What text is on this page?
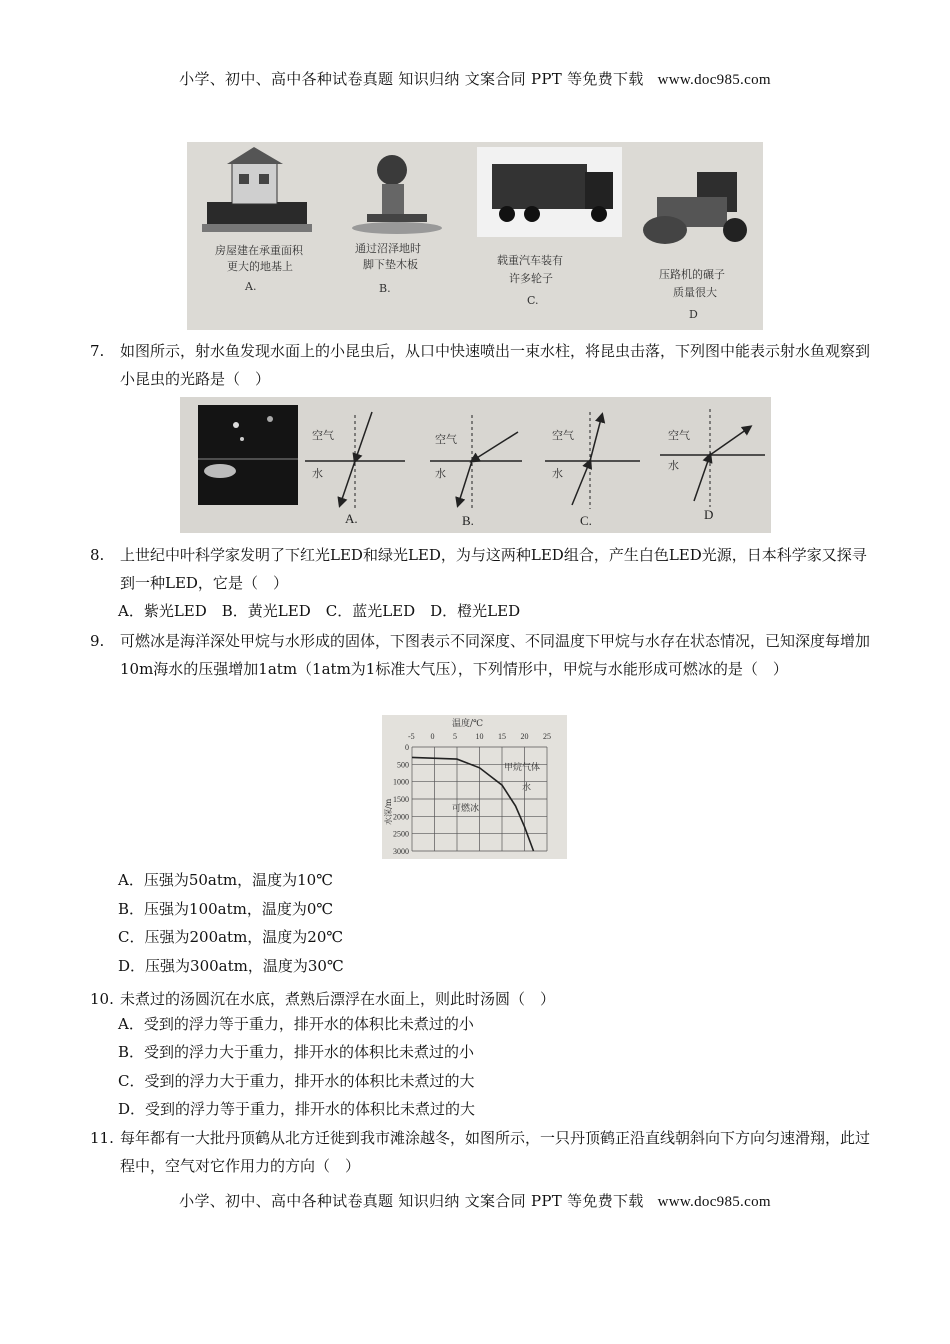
小学、初中、高中各种试卷真题 知识归纳 文案合同 PPT 等免费下载 www.doc985.com
房屋建在承重面积
更大的地基上
A.
通过沼泽地时
脚下垫木板
B.
载重汽车装有
许多轮子
C.
压路机的碾子
质量很大
D
7. 如图所示，射水鱼发现水面上的小昆虫后，从口中快速喷出一束水柱，将昆虫击落，下列图中能表示射水鱼观察到小昆虫的光路是（　）
空气
水
A.
空气
水
B.
空气
水
C.
空气
水
D
8. 上世纪中叶科学家发明了下红光LED和绿光LED，为与这两种LED组合，产生白色LED光源，日本科学家又探寻到一种LED，它是（　）
A．紫光LED　B．黄光LED　C．蓝光LED　D．橙光LED
9. 可燃冰是海洋深处甲烷与水形成的固体，下图表示不同深度、不同温度下甲烷与水存在状态情况，已知深度每增加10m海水的压强增加1atm（1atm为1标准大气压），下列情形中，甲烷与水能形成可燃冰的是（　）
温度/℃
水深/m
-5 0 5 10 15 20 25
0
500
1000
1500
2000
2500
3000
甲烷气体
水
可燃冰
A．压强为50atm，温度为10℃
B．压强为100atm，温度为0℃
C．压强为200atm，温度为20℃
D．压强为300atm，温度为30℃
10. 未煮过的汤圆沉在水底，煮熟后漂浮在水面上，则此时汤圆（　）
A．受到的浮力等于重力，排开水的体积比未煮过的小
B．受到的浮力大于重力，排开水的体积比未煮过的小
C．受到的浮力大于重力，排开水的体积比未煮过的大
D．受到的浮力等于重力，排开水的体积比未煮过的大
11. 每年都有一大批丹顶鹤从北方迁徙到我市滩涂越冬，如图所示，一只丹顶鹤正沿直线朝斜向下方向匀速滑翔，此过程中，空气对它作用力的方向（　）
小学、初中、高中各种试卷真题 知识归纳 文案合同 PPT 等免费下载 www.doc985.com
